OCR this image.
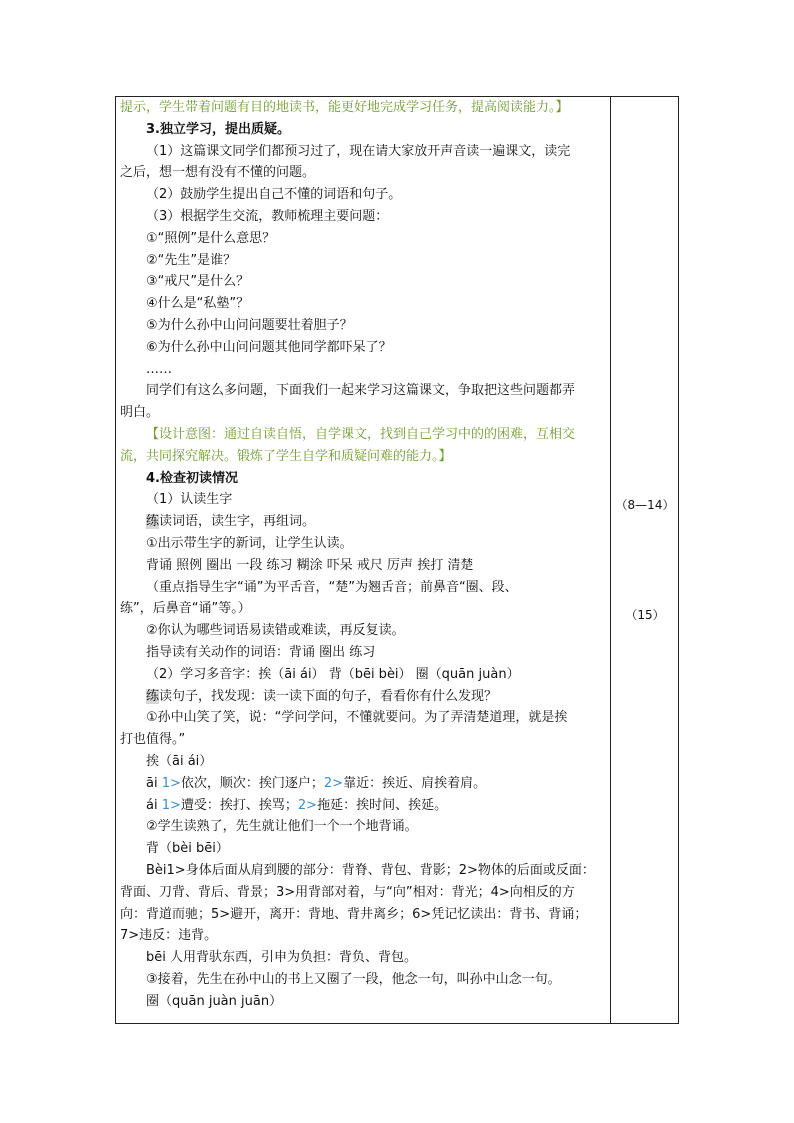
提示，学生带着问题有目的地读书，能更好地完成学习任务，提高阅读能力。】
3.独立学习，提出质疑。
（1）这篇课文同学们都预习过了，现在请大家放开声音读一遍课文，读完
之后，想一想有没有不懂的问题。
（2）鼓励学生提出自己不懂的词语和句子。
（3）根据学生交流，教师梳理主要问题：
①“照例”是什么意思？
②“先生”是谁？
③“戒尺”是什么？
④什么是“私塾”？
⑤为什么孙中山问问题要壮着胆子？
⑥为什么孙中山问问题其他同学都吓呆了？
……
同学们有这么多问题，下面我们一起来学习这篇课文，争取把这些问题都弄
明白。
【设计意图：通过自读自悟，自学课文，找到自己学习中的的困难，互相交
流，共同探究解决。锻炼了学生自学和质疑问难的能力。】
4.检查初读情况
（1）认读生字
练读词语，读生字，再组词。
①出示带生字的新词，让学生认读。
背诵 照例 圈出 一段 练习 糊涂 吓呆 戒尺 厉声 挨打 清楚
（重点指导生字“诵”为平舌音，“楚”为翘舌音；前鼻音“圈、段、
练”，后鼻音“诵”等。）
②你认为哪些词语易读错或难读，再反复读。
指导读有关动作的词语：背诵 圈出 练习
（2）学习多音字：挨（āi ái） 背（bēi bèi） 圈（quān juàn）
练读句子，找发现：读一读下面的句子，看看你有什么发现？
①孙中山笑了笑，说：“学问学问，不懂就要问。为了弄清楚道理，就是挨
打也值得。”
挨（āi ái）
āi 1>依次，顺次：挨门逐户；2>靠近：挨近、肩挨着肩。
ái 1>遭受：挨打、挨骂；2>拖延：挨时间、挨延。
②学生读熟了，先生就让他们一个一个地背诵。
背（bèi bēi）
Bèi1>身体后面从肩到腰的部分：背脊、背包、背影；2>物体的后面或反面：
背面、刀背、背后、背景；3>用背部对着，与“向”相对：背光；4>向相反的方
向：背道而驰；5>避开，离开：背地、背井离乡；6>凭记忆读出：背书、背诵；
7>违反：违背。
bēi 人用背驮东西，引申为负担：背负、背包。
③接着，先生在孙中山的书上又圈了一段，他念一句，叫孙中山念一句。
圈（quān juàn juān）
（8—14）
（15）
